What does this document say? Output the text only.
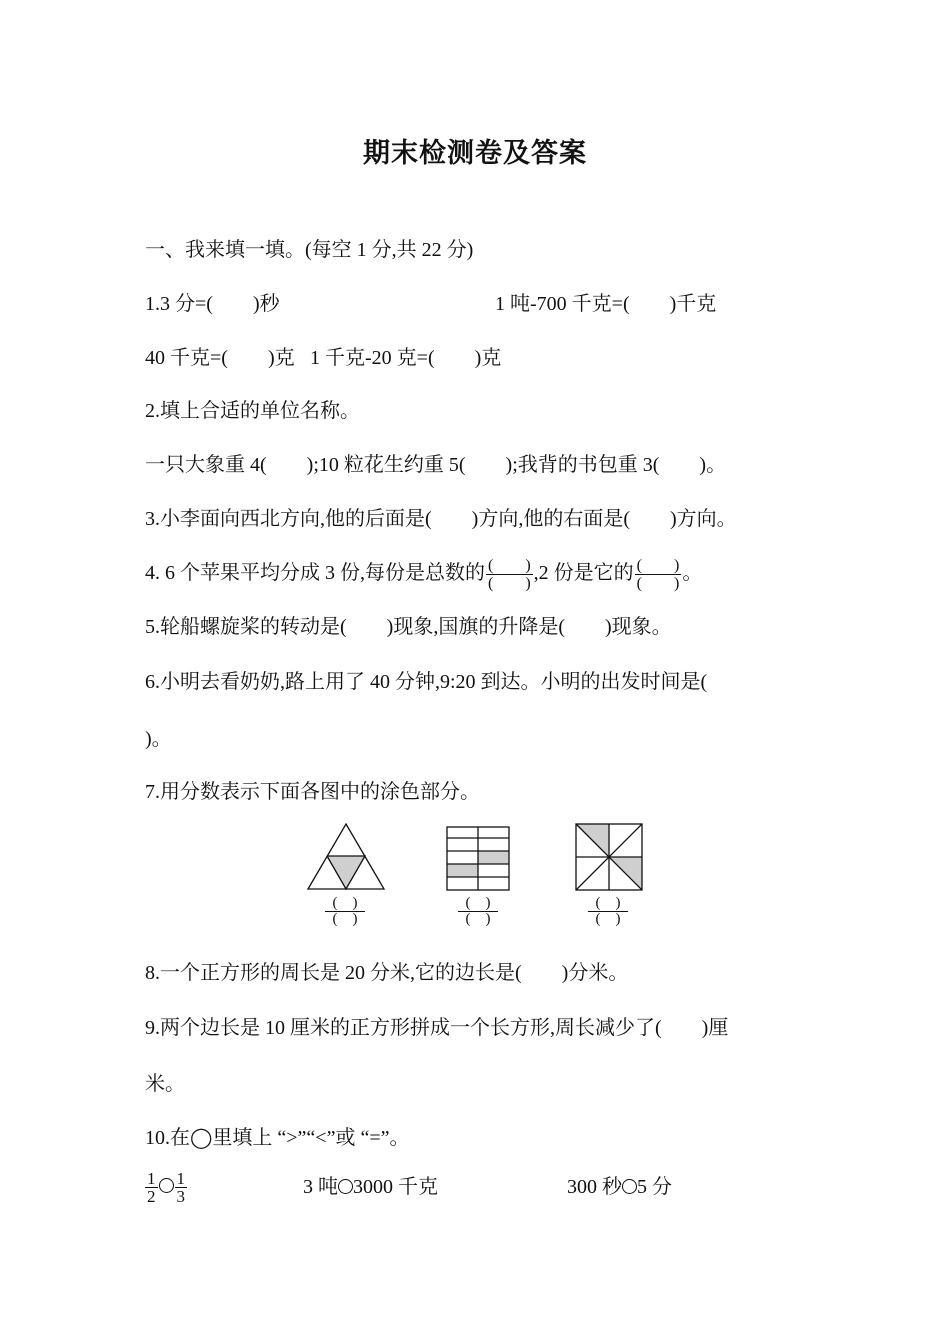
期末检测卷及答案
一、我来填一填。(每空 1 分,共 22 分)
1.3 分=(　　)秒	1 吨-700 千克=(　　)千克
40 千克=(　　)克 1 千克-20 克=(　　)克
2.填上合适的单位名称。
一只大象重 4(　　);10 粒花生约重 5(　　);我背的书包重 3(　　)。
3.小李面向西北方向,他的后面是(　　)方向,他的右面是(　　)方向。
4. 6 个苹果平均分成 3 份,每份是总数的 $\frac{( )}{( )} ,2$ 份是它的 $\frac{( )}{( )}$ 。
5.轮船螺旋桨的转动是(　　)现象,国旗的升降是(　　)现象。
6.小明去看奶奶,路上用了 40 分钟,9:20 到达。小明的出发时间是(
)。
7.用分数表示下面各图中的涂色部分。
(　)
(　)
(　)
(　)
(　)
(　)
8.一个正方形的周长是 20 分米,它的边长是(　　)分米。
9.两个边长是 10 厘米的正方形拼成一个长方形,周长减少了(　　)厘
米。
10.在◯里填上 “>”“<”或 “=”。
$\frac{1}{2} \frac{1}{3}$	3 吨 3000 千克	300 秒 5 分
